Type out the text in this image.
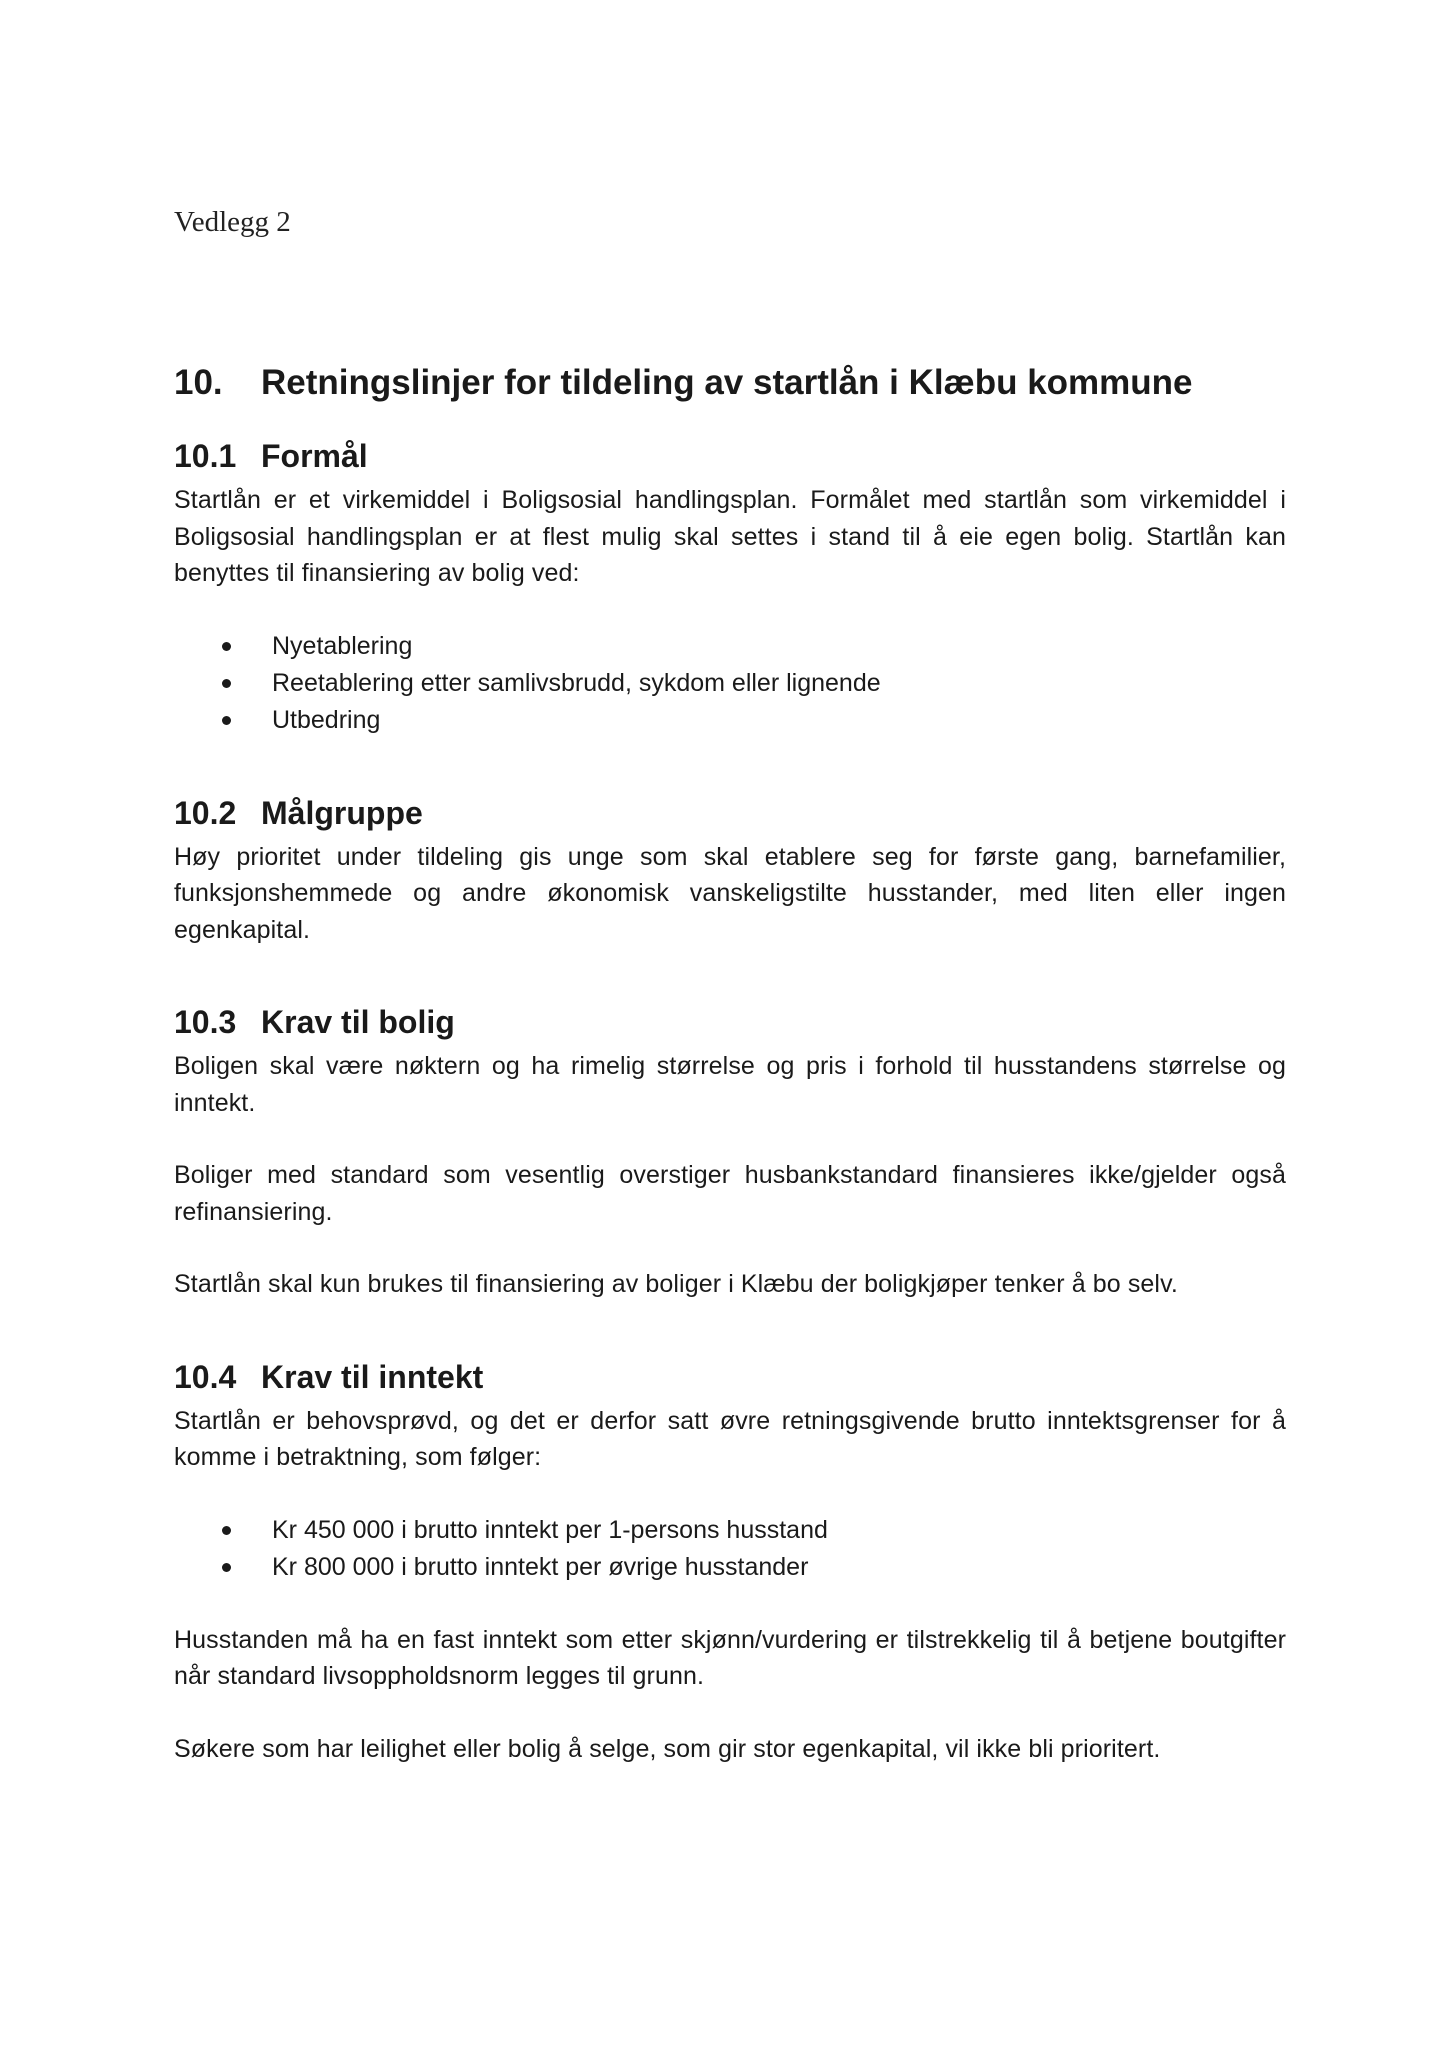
Vedlegg 2
10.	Retningslinjer for tildeling av startlån i Klæbu kommune
10.1 Formål

Startlån er et virkemiddel i Boligsosial handlingsplan. Formålet med startlån som virkemiddel i Boligsosial handlingsplan er at flest mulig skal settes i stand til å eie egen bolig. Startlån kan benyttes til finansiering av bolig ved:

Nyetablering
Reetablering etter samlivsbrudd, sykdom eller lignende
Utbedring
10.2 Målgruppe

Høy prioritet under tildeling gis unge som skal etablere seg for første gang, barnefamilier, funksjonshemmede og andre økonomisk vanskeligstilte husstander, med liten eller ingen egenkapital.

10.3 Krav til bolig

Boligen skal være nøktern og ha rimelig størrelse og pris i forhold til husstandens størrelse og inntekt.

Boliger med standard som vesentlig overstiger husbankstandard finansieres ikke/gjelder også refinansiering.

Startlån skal kun brukes til finansiering av boliger i Klæbu der boligkjøper tenker å bo selv.

10.4 Krav til inntekt

Startlån er behovsprøvd, og det er derfor satt øvre retningsgivende brutto inntektsgrenser for å komme i betraktning, som følger:

Kr 450 000 i brutto inntekt per 1-persons husstand
Kr 800 000 i brutto inntekt per øvrige husstander

Husstanden må ha en fast inntekt som etter skjønn/vurdering er tilstrekkelig til å betjene boutgifter når standard livsoppholdsnorm legges til grunn.

Søkere som har leilighet eller bolig å selge, som gir stor egenkapital, vil ikke bli prioritert.
